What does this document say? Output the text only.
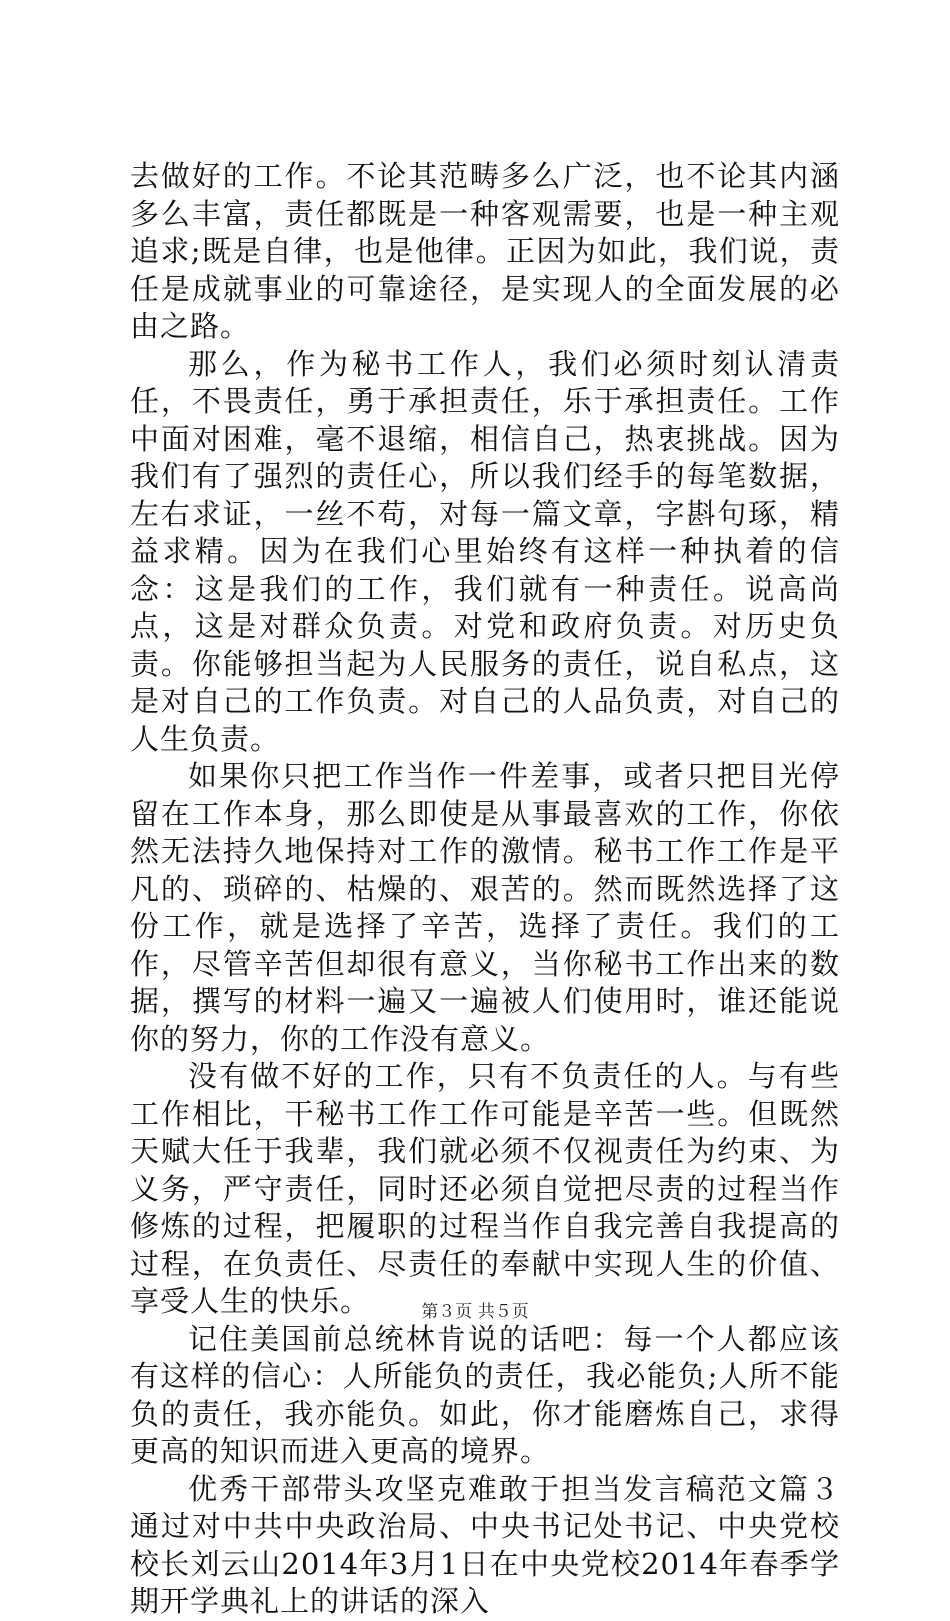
去做好的工作。不论其范畴多么广泛，也不论其内涵多么丰富，责任都既是一种客观需要，也是一种主观追求;既是自律，也是他律。正因为如此，我们说，责任是成就事业的可靠途径，是实现人的全面发展的必由之路。

那么，作为秘书工作人，我们必须时刻认清责任，不畏责任，勇于承担责任，乐于承担责任。工作中面对困难，毫不退缩，相信自己，热衷挑战。因为我们有了强烈的责任心，所以我们经手的每笔数据，左右求证，一丝不苟，对每一篇文章，字斟句琢，精益求精。因为在我们心里始终有这样一种执着的信念：这是我们的工作，我们就有一种责任。说高尚点，这是对群众负责。对党和政府负责。对历史负责。你能够担当起为人民服务的责任，说自私点，这是对自己的工作负责。对自己的人品负责，对自己的人生负责。

如果你只把工作当作一件差事，或者只把目光停留在工作本身，那么即使是从事最喜欢的工作，你依然无法持久地保持对工作的激情。秘书工作工作是平凡的、琐碎的、枯燥的、艰苦的。然而既然选择了这份工作，就是选择了辛苦，选择了责任。我们的工作，尽管辛苦但却很有意义，当你秘书工作出来的数据，撰写的材料一遍又一遍被人们使用时，谁还能说你的努力，你的工作没有意义。

没有做不好的工作，只有不负责任的人。与有些工作相比，干秘书工作工作可能是辛苦一些。但既然天赋大任于我辈，我们就必须不仅视责任为约束、为义务，严守责任，同时还必须自觉把尽责的过程当作修炼的过程，把履职的过程当作自我完善自我提高的过程，在负责任、尽责任的奉献中实现人生的价值、享受人生的快乐。

记住美国前总统林肯说的话吧：每一个人都应该有这样的信心：人所能负的责任，我必能负;人所不能负的责任，我亦能负。如此，你才能磨炼自己，求得更高的知识而进入更高的境界。

优秀干部带头攻坚克难敢于担当发言稿范文篇３通过对中共中央政治局、中央书记处书记、中央党校校长刘云山2014年3月1日在中央党校2014年春季学期开学典礼上的讲话的深入

第３页 共５页
